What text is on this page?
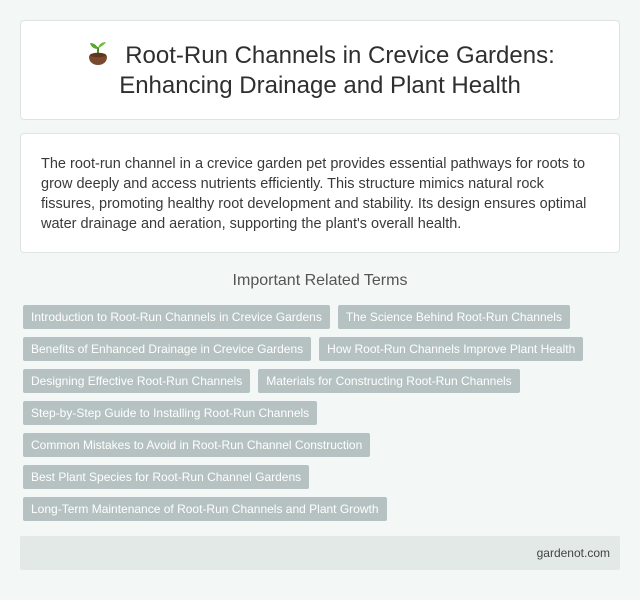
Root-Run Channels in Crevice Gardens: Enhancing Drainage and Plant Health

The root-run channel in a crevice garden pet provides essential pathways for roots to grow deeply and access nutrients efficiently. This structure mimics natural rock fissures, promoting healthy root development and stability. Its design ensures optimal water drainage and aeration, supporting the plant's overall health.

Important Related Terms
Introduction to Root-Run Channels in Crevice Gardens	The Science Behind Root-Run Channels
Benefits of Enhanced Drainage in Crevice Gardens	How Root-Run Channels Improve Plant Health
Designing Effective Root-Run Channels	Materials for Constructing Root-Run Channels
Step-by-Step Guide to Installing Root-Run Channels
Common Mistakes to Avoid in Root-Run Channel Construction
Best Plant Species for Root-Run Channel Gardens
Long-Term Maintenance of Root-Run Channels and Plant Growth
gardenot.com
